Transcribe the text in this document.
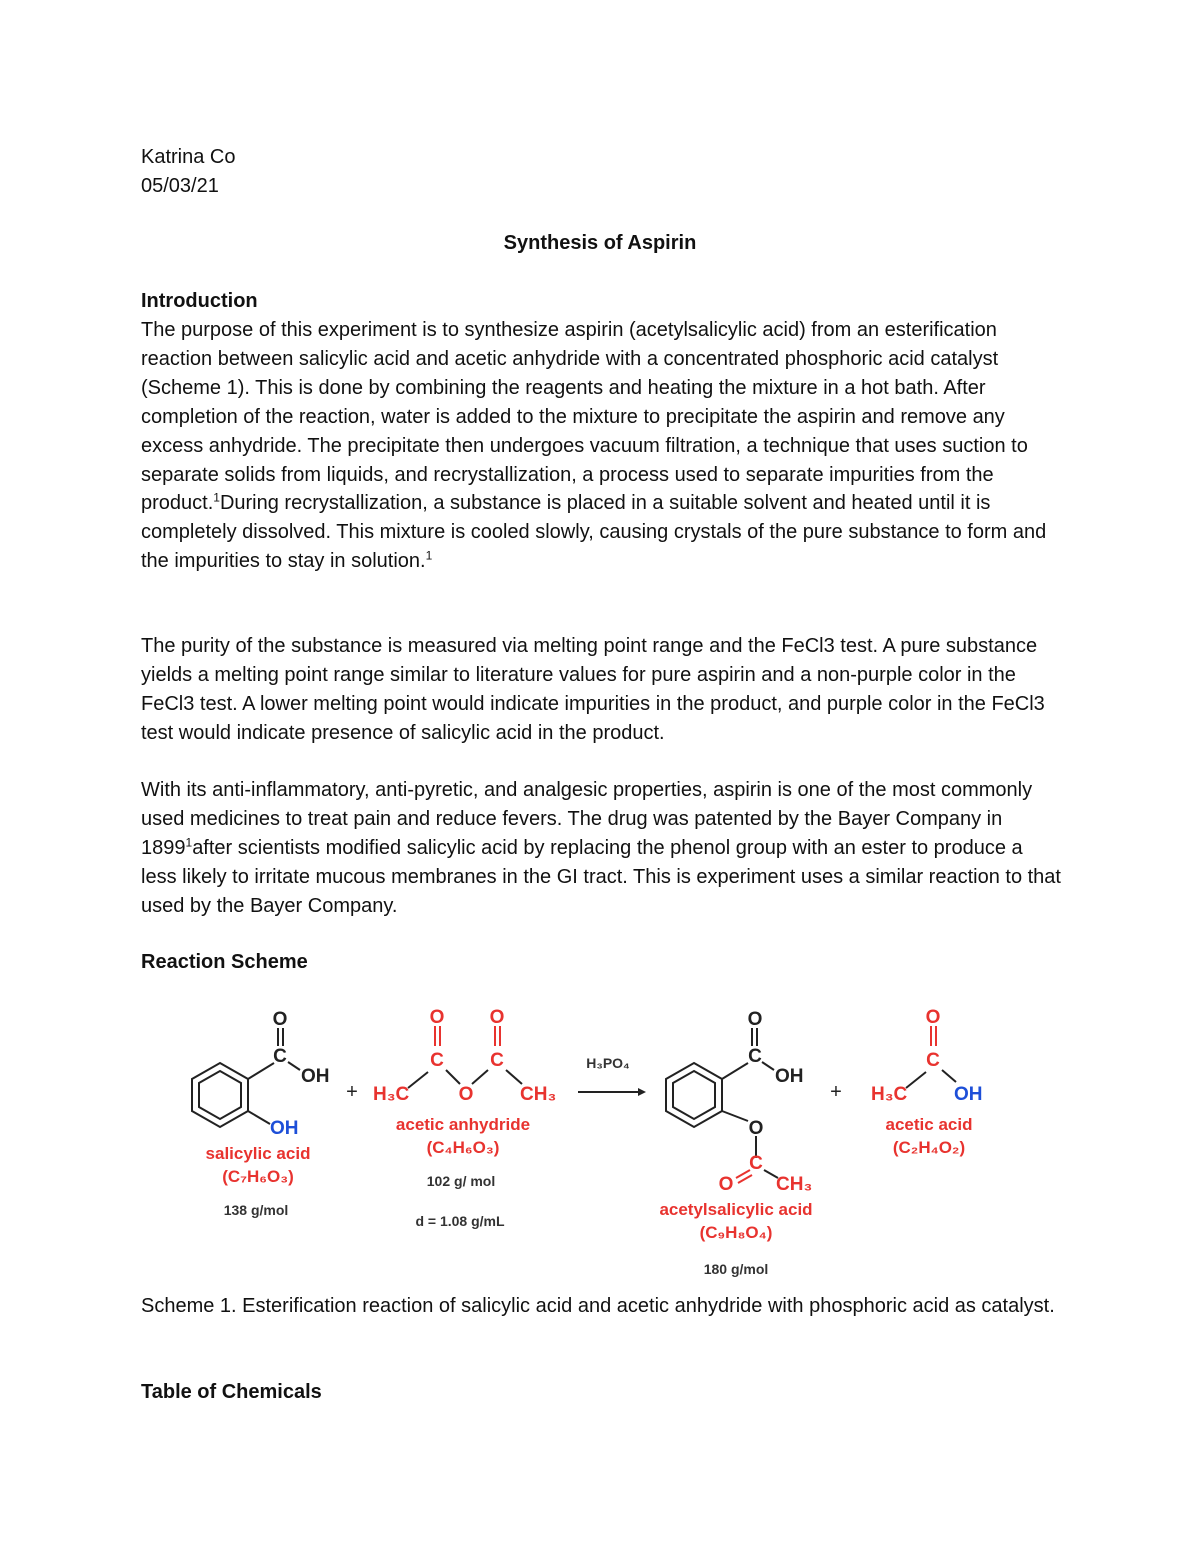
Katrina Co

05/03/21

Synthesis of Aspirin

Introduction

The purpose of this experiment is to synthesize aspirin (acetylsalicylic acid) from an esterification reaction between salicylic acid and acetic anhydride with a concentrated phosphoric acid catalyst (Scheme 1). This is done by combining the reagents and heating the mixture in a hot bath. After completion of the reaction, water is added to the mixture to precipitate the aspirin and remove any excess anhydride. The precipitate then undergoes vacuum filtration, a technique that uses suction to separate solids from liquids, and recrystallization, a process used to separate impurities from the product.$^1$During recrystallization, a substance is placed in a suitable solvent and heated until it is completely dissolved. This mixture is cooled slowly, causing crystals of the pure substance to form and the impurities to stay in solution.$^1$

The purity of the substance is measured via melting point range and the FeCl3 test. A pure substance yields a melting point range similar to literature values for pure aspirin and a non-purple color in the FeCl3 test. A lower melting point would indicate impurities in the product, and purple color in the FeCl3 test would indicate presence of salicylic acid in the product.

With its anti-inflammatory, anti-pyretic, and analgesic properties, aspirin is one of the most commonly used medicines to treat pain and reduce fevers. The drug was patented by the Bayer Company in 1899$^1$after scientists modified salicylic acid by replacing the phenol group with an ester to produce a less likely to irritate mucous membranes in the GI tract. This is experiment uses a similar reaction to that used by the Bayer Company.

Reaction Scheme

O
C
OH
OH
salicylic acid
(C₇H₆O₃)
138 g/mol
+
O O
C C
O
H₃C	CH₃
acetic anhydride
(C₄H₆O₃)
102 g/ mol
d = 1.08 g/mL
H₃PO₄
O
C
OH
O
C
O CH₃
acetylsalicylic acid
(C₉H₈O₄)
180 g/mol
+
O
C
H₃C OH
acetic acid
(C₂H₄O₂)

Scheme 1. Esterification reaction of salicylic acid and acetic anhydride with phosphoric acid as catalyst.

Table of Chemicals
